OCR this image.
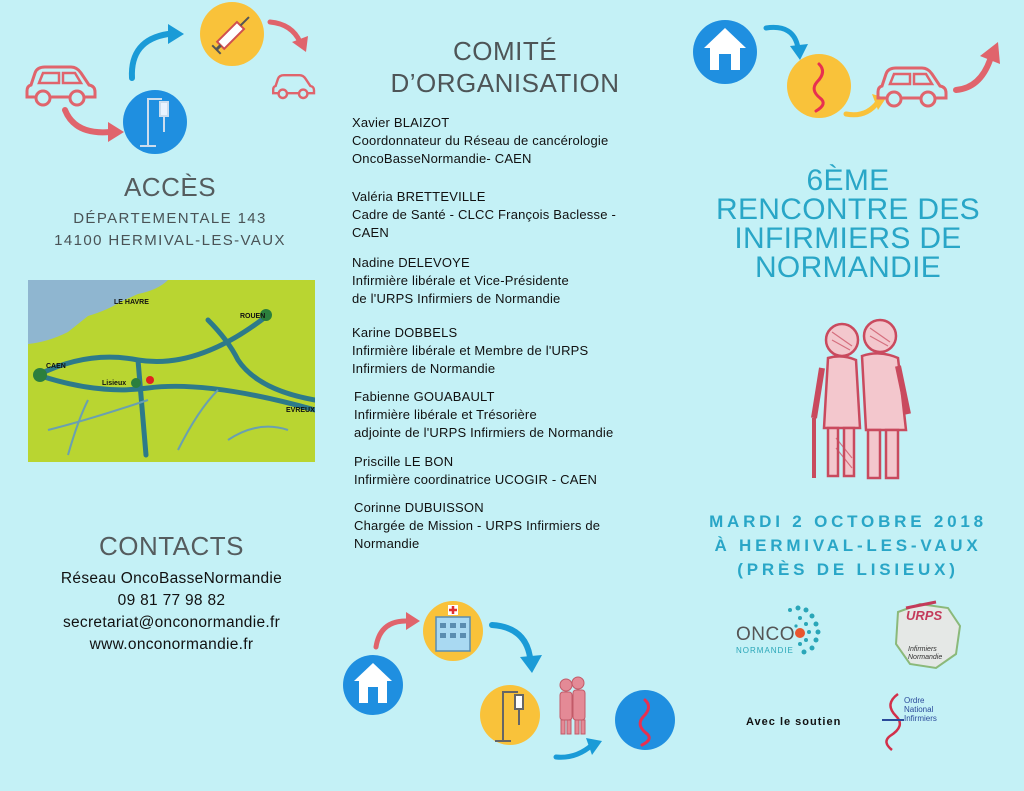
ACCÈS
DÉPARTEMENTALE 143
14100 HERMIVAL-LES-VAUX
LE HAVRE
ROUEN
CAEN
Lisieux
EVREUX
CONTACTS
Réseau OncoBasseNormandie
09 81 77 98 82
secretariat@onconormandie.fr
www.onconormandie.fr
COMITÉ
D’ORGANISATION
Xavier BLAIZOT
Coordonnateur du Réseau de cancérologie
OncoBasseNormandie- CAEN
Valéria BRETTEVILLE
Cadre de Santé - CLCC François Baclesse -
CAEN
Nadine DELEVOYE
Infirmière libérale et Vice-Présidente
de l'URPS Infirmiers de Normandie
Karine DOBBELS
Infirmière libérale et Membre de l'URPS
Infirmiers de Normandie
Fabienne GOUABAULT
Infirmière libérale et Trésorière
adjointe de l'URPS Infirmiers de Normandie
Priscille LE BON
Infirmière coordinatrice UCOGIR - CAEN
Corinne DUBUISSON
Chargée de Mission - URPS Infirmiers de
Normandie
6ÈME
RENCONTRE DES
INFIRMIERS DE
NORMANDIE
MARDI 2 OCTOBRE 2018
À HERMIVAL-LES-VAUX
(PRÈS DE LISIEUX)
ONCO
NORMANDIE
URPS
Infirmiers Normandie
Avec le soutien
Ordre
National
Infirmiers
